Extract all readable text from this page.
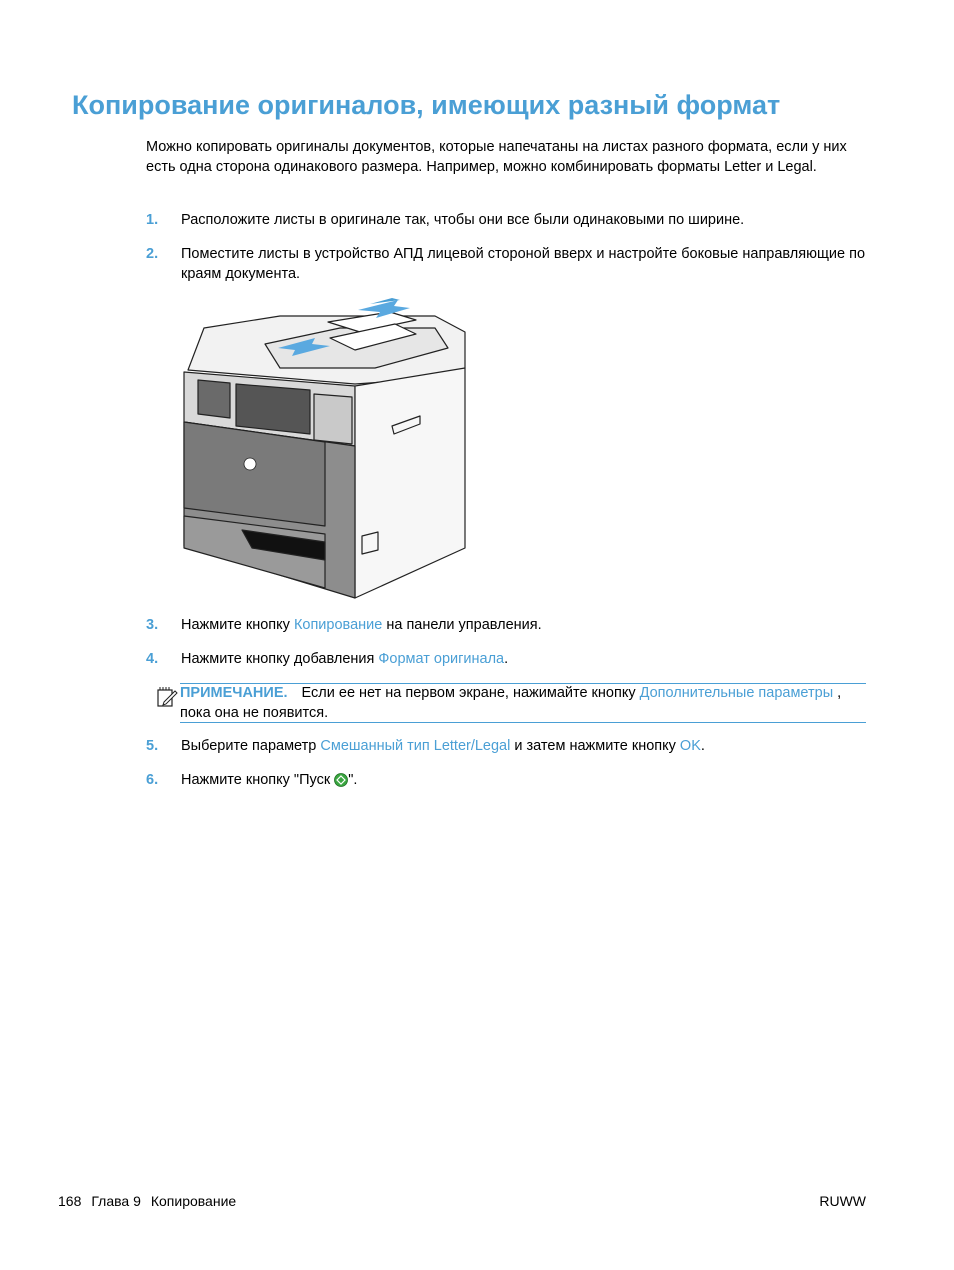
Копирование оригиналов, имеющих разный формат

Можно копировать оригиналы документов, которые напечатаны на листах разного формата, если у них есть одна сторона одинакового размера. Например, можно комбинировать форматы Letter и Legal.

1. Расположите листы в оригинале так, чтобы они все были одинаковыми по ширине.
2. Поместите листы в устройство АПД лицевой стороной вверх и настройте боковые направляющие по краям документа.
3. Нажмите кнопку Копирование на панели управления.
4. Нажмите кнопку добавления Формат оригинала.
ПРИМЕЧАНИЕ. Если ее нет на первом экране, нажимайте кнопку Дополнительные параметры , пока она не появится.
5. Выберите параметр Смешанный тип Letter/Legal и затем нажмите кнопку OK.
6. Нажмите кнопку "Пуск ".
168 Глава 9 Копирование	RUWW
